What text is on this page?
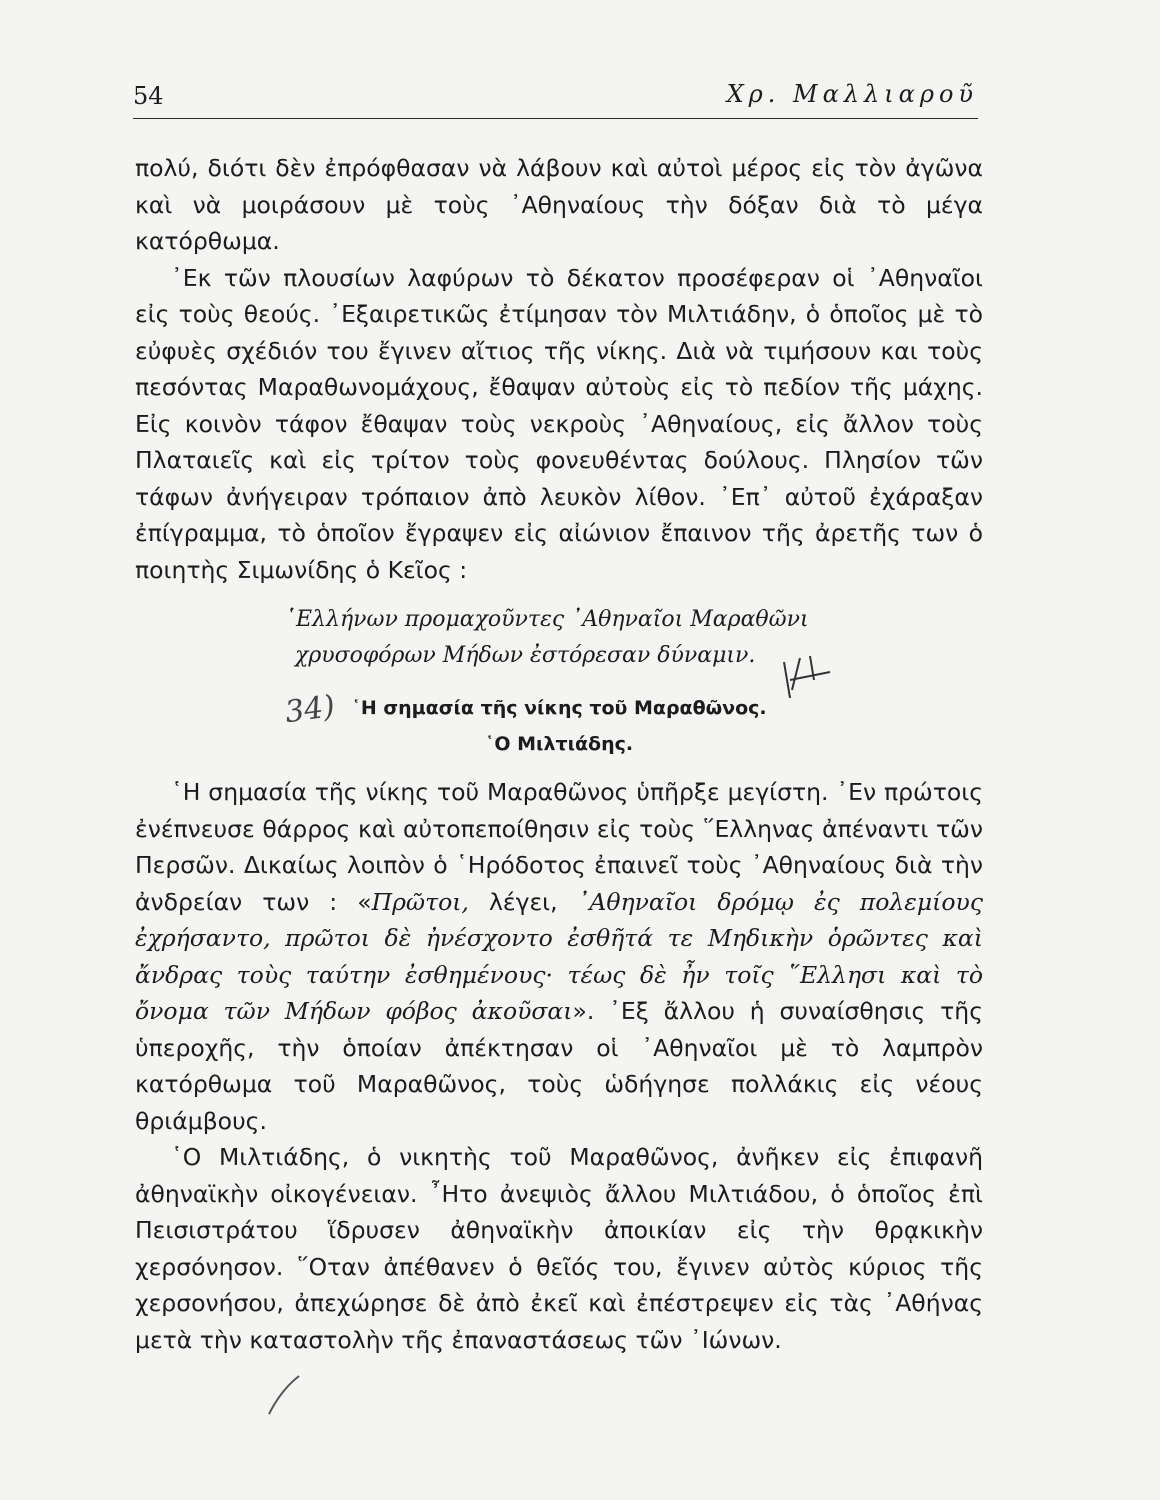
54	Χρ. Μαλλιαροῦ

πολύ, διότι δὲν ἐπρόφθασαν νὰ λάβουν καὶ αὐτοὶ μέρος εἰς τὸν ἀγῶνα καὶ νὰ μοιράσουν μὲ τοὺς ᾿Αθηναίους τὴν δόξαν διὰ τὸ μέγα κατόρθωμα.

᾿Εκ τῶν πλουσίων λαφύρων τὸ δέκατον προσέφεραν οἱ ᾿Αθηναῖοι εἰς τοὺς θεούς. ᾿Εξαιρετικῶς ἐτίμησαν τὸν Μιλτιάδην, ὁ ὁποῖος μὲ τὸ εὐφυὲς σχέδιόν του ἔγινεν αἴτιος τῆς νίκης. Διὰ νὰ τιμήσουν και τοὺς πεσόντας Μαραθωνομάχους, ἔθαψαν αὐτοὺς εἰς τὸ πεδίον τῆς μάχης. Εἰς κοινὸν τάφον ἔθαψαν τοὺς νεκροὺς ᾿Αθηναίους, εἰς ἄλλον τοὺς Πλαταιεῖς καὶ εἰς τρίτον τοὺς φονευθέντας δούλους. Πλησίον τῶν τάφων ἀνήγειραν τρόπαιον ἀπὸ λευκὸν λίθον. ᾿Επ᾿ αὐτοῦ ἐχάραξαν ἐπίγραμμα, τὸ ὁποῖον ἔγραψεν εἰς αἰώνιον ἔπαινον τῆς ἀρετῆς των ὁ ποιητὴς Σιμωνίδης ὁ Κεῖος :

῾Ελλήνων προμαχοῦντες ᾿Αθηναῖοι Μαραθῶνι
χρυσοφόρων Μήδων ἐστόρεσαν δύναμιν.
῾Η σημασία τῆς νίκης τοῦ Μαραθῶνος.
῾Ο Μιλτιάδης.

῾Η σημασία τῆς νίκης τοῦ Μαραθῶνος ὑπῆρξε μεγίστη. ᾿Εν πρώτοις ἐνέπνευσε θάρρος καὶ αὐτοπεποίθησιν εἰς τοὺς ῞Ελληνας ἀπέναντι τῶν Περσῶν. Δικαίως λοιπὸν ὁ ῾Ηρόδοτος ἐπαινεῖ τοὺς ᾿Αθηναίους διὰ τὴν ἀνδρείαν των : «Πρῶτοι, λέγει, ᾿Αθηναῖοι δρόμῳ ἐς πολεμίους ἐχρήσαντο, πρῶτοι δὲ ἠνέσχοντο ἐσθῆτά τε Μηδικὴν ὁρῶντες καὶ ἄνδρας τοὺς ταύτην ἐσθημένους· τέως δὲ ἦν τοῖς ῞Ελλησι καὶ τὸ ὄνομα τῶν Μήδων φόβος ἀκοῦσαι». ᾿Εξ ἄλλου ἡ συναίσθησις τῆς ὑπεροχῆς, τὴν ὁποίαν ἀπέκτησαν οἱ ᾿Αθηναῖοι μὲ τὸ λαμπρὸν κατόρθωμα τοῦ Μαραθῶνος, τοὺς ὡδήγησε πολλάκις εἰς νέους θριάμβους.

῾Ο Μιλτιάδης, ὁ νικητὴς τοῦ Μαραθῶνος, ἀνῆκεν εἰς ἐπιφανῆ ἀθηναϊκὴν οἰκογένειαν. ῏Ητο ἀνεψιὸς ἄλλου Μιλτιάδου, ὁ ὁποῖος ἐπὶ Πεισιστράτου ἵδρυσεν ἀθηναϊκὴν ἀποικίαν εἰς τὴν θρᾳκικὴν χερσόνησον. ῞Οταν ἀπέθανεν ὁ θεῖός του, ἔγινεν αὐτὸς κύριος τῆς χερσονήσου, ἀπεχώρησε δὲ ἀπὸ ἐκεῖ καὶ ἐπέστρεψεν εἰς τὰς ᾿Αθήνας μετὰ τὴν καταστολὴν τῆς ἐπαναστάσεως τῶν ᾿Ιώνων.

34)
